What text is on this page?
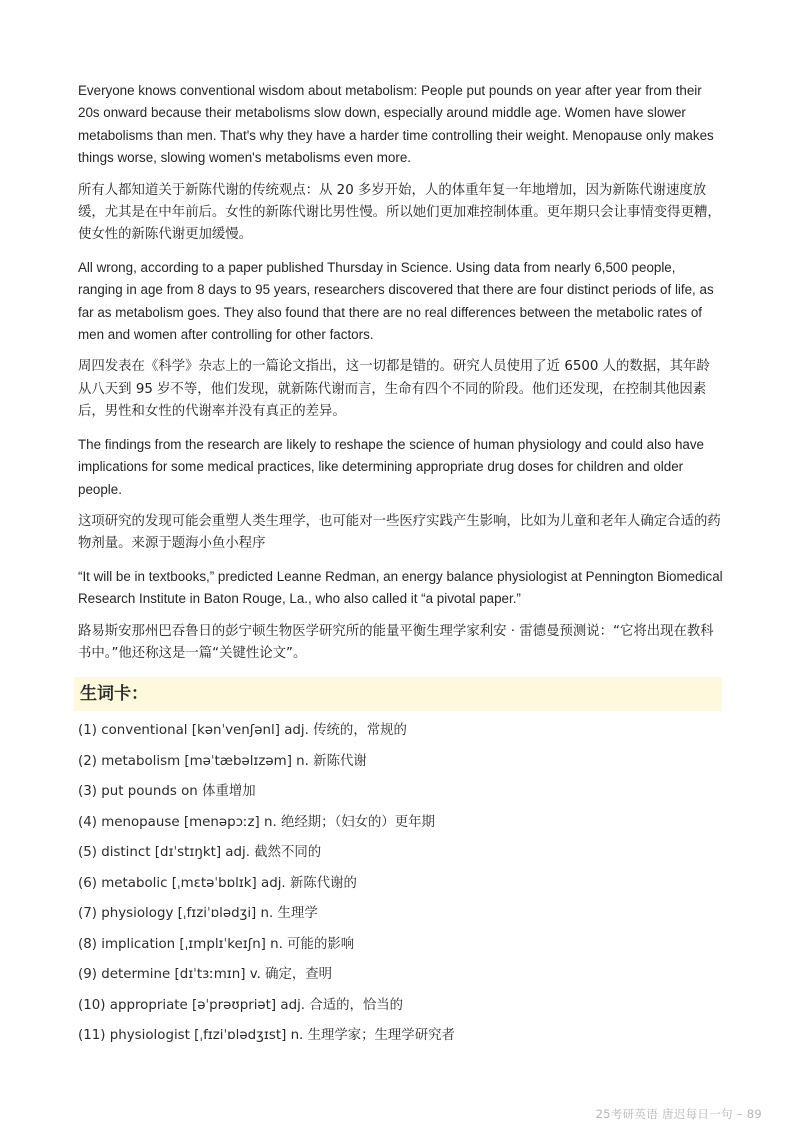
Everyone knows conventional wisdom about metabolism: People put pounds on year after year from their 20s onward because their metabolisms slow down, especially around middle age. Women have slower metabolisms than men. That's why they have a harder time controlling their weight. Menopause only makes things worse, slowing women's metabolisms even more.

所有人都知道关于新陈代谢的传统观点：从 20 多岁开始，人的体重年复一年地增加，因为新陈代谢速度放缓，尤其是在中年前后。女性的新陈代谢比男性慢。所以她们更加难控制体重。更年期只会让事情变得更糟，使女性的新陈代谢更加缓慢。

All wrong, according to a paper published Thursday in Science. Using data from nearly 6,500 people, ranging in age from 8 days to 95 years, researchers discovered that there are four distinct periods of life, as far as metabolism goes. They also found that there are no real differences between the metabolic rates of men and women after controlling for other factors.

周四发表在《科学》杂志上的一篇论文指出，这一切都是错的。研究人员使用了近 6500 人的数据，其年龄从八天到 95 岁不等，他们发现，就新陈代谢而言，生命有四个不同的阶段。他们还发现，在控制其他因素后，男性和女性的代谢率并没有真正的差异。

The findings from the research are likely to reshape the science of human physiology and could also have implications for some medical practices, like determining appropriate drug doses for children and older people.

这项研究的发现可能会重塑人类生理学，也可能对一些医疗实践产生影响，比如为儿童和老年人确定合适的药物剂量。来源于题海小鱼小程序

“It will be in textbooks,” predicted Leanne Redman, an energy balance physiologist at Pennington Biomedical Research Institute in Baton Rouge, La., who also called it “a pivotal paper.”

路易斯安那州巴吞鲁日的彭宁顿生物医学研究所的能量平衡生理学家利安 · 雷德曼预测说：“它将出现在教科书中。”他还称这是一篇“关键性论文”。

生词卡：
(1) conventional [kənˈvenʃənl] adj. 传统的，常规的
(2) metabolism [məˈtæbəlɪzəm] n. 新陈代谢
(3) put pounds on 体重增加
(4) menopause [menəpɔːz] n. 绝经期；（妇女的）更年期
(5) distinct [dɪˈstɪŋkt] adj. 截然不同的
(6) metabolic [ˌmɛtəˈbɒlɪk] adj. 新陈代谢的
(7) physiology [ˌfɪziˈɒlədʒi] n. 生理学
(8) implication [ˌɪmplɪˈkeɪʃn] n. 可能的影响
(9) determine [dɪˈtɜːmɪn] v. 确定，查明
(10) appropriate [əˈprəʊpriət] adj. 合适的，恰当的
(11) physiologist [ˌfɪziˈɒlədʒɪst] n. 生理学家；生理学研究者
25考研英语 唐迟每日一句 – 89
